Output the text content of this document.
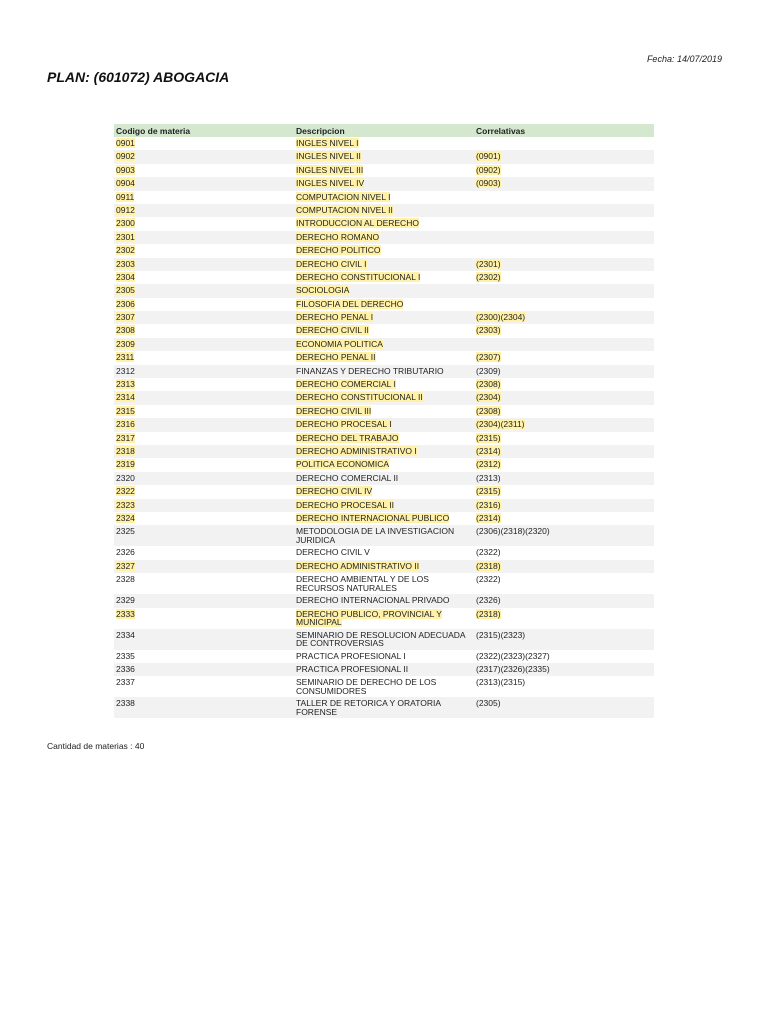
Fecha: 14/07/2019
PLAN: (601072) ABOGACIA
Codigo de materia	Descripcion	Correlativas
0901	INGLES NIVEL I	
0902	INGLES NIVEL II	(0901)
0903	INGLES NIVEL III	(0902)
0904	INGLES NIVEL IV	(0903)
0911	COMPUTACION NIVEL I	
0912	COMPUTACION NIVEL II	
2300	INTRODUCCION AL DERECHO	
2301	DERECHO ROMANO	
2302	DERECHO POLITICO	
2303	DERECHO CIVIL I	(2301)
2304	DERECHO CONSTITUCIONAL I	(2302)
2305	SOCIOLOGIA	
2306	FILOSOFIA DEL DERECHO	
2307	DERECHO PENAL I	(2300)(2304)
2308	DERECHO CIVIL II	(2303)
2309	ECONOMIA POLITICA	
2311	DERECHO PENAL II	(2307)
2312	FINANZAS Y DERECHO TRIBUTARIO	(2309)
2313	DERECHO COMERCIAL I	(2308)
2314	DERECHO CONSTITUCIONAL II	(2304)
2315	DERECHO CIVIL III	(2308)
2316	DERECHO PROCESAL I	(2304)(2311)
2317	DERECHO DEL TRABAJO	(2315)
2318	DERECHO ADMINISTRATIVO I	(2314)
2319	POLITICA ECONOMICA	(2312)
2320	DERECHO COMERCIAL II	(2313)
2322	DERECHO CIVIL IV	(2315)
2323	DERECHO PROCESAL II	(2316)
2324	DERECHO INTERNACIONAL PUBLICO	(2314)
2325	METODOLOGIA DE LA INVESTIGACION JURIDICA	(2306)(2318)(2320)
2326	DERECHO CIVIL V	(2322)
2327	DERECHO ADMINISTRATIVO II	(2318)
2328	DERECHO AMBIENTAL Y DE LOS RECURSOS NATURALES	(2322)
2329	DERECHO INTERNACIONAL PRIVADO	(2326)
2333	DERECHO PUBLICO, PROVINCIAL Y MUNICIPAL	(2318)
2334	SEMINARIO DE RESOLUCION ADECUADA DE CONTROVERSIAS	(2315)(2323)
2335	PRACTICA PROFESIONAL I	(2322)(2323)(2327)
2336	PRACTICA PROFESIONAL II	(2317)(2326)(2335)
2337	SEMINARIO DE DERECHO DE LOS CONSUMIDORES	(2313)(2315)
2338	TALLER DE RETORICA Y ORATORIA FORENSE	(2305)
Cantidad de materias : 40
